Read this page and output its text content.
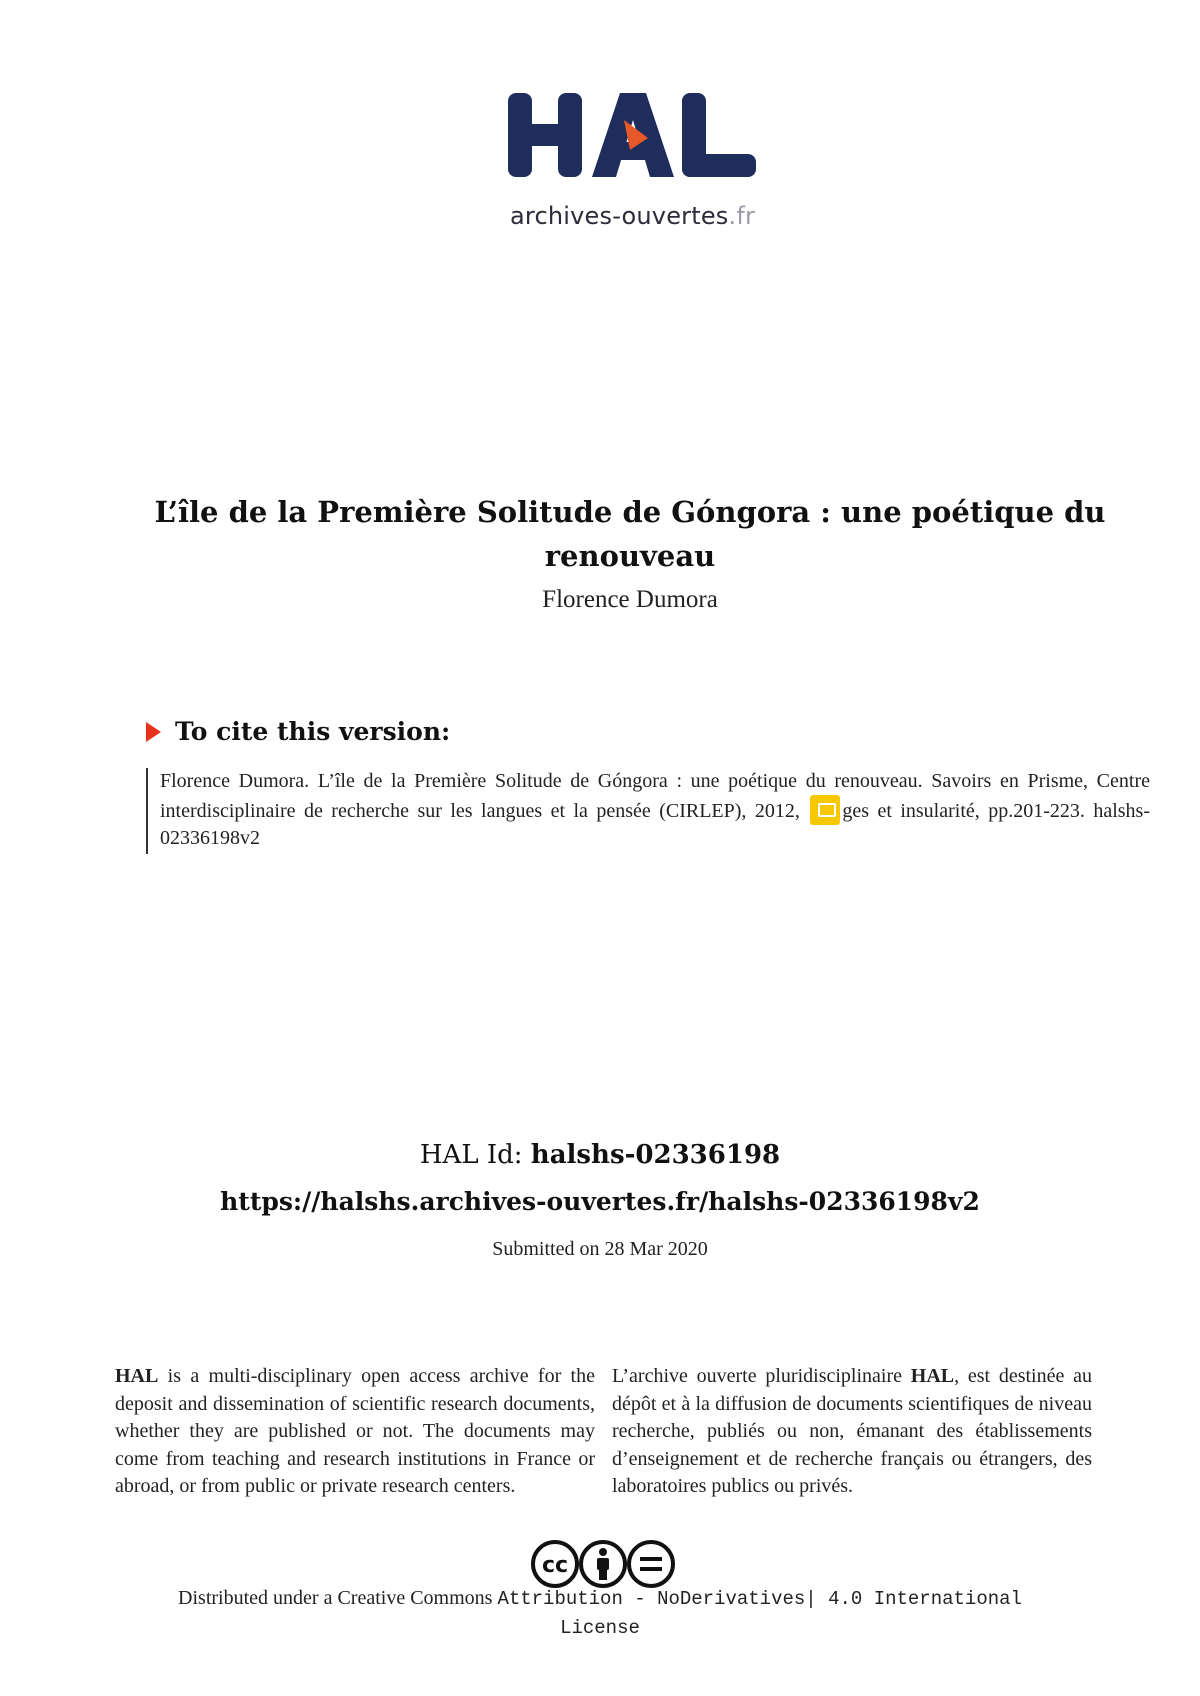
archives-ouvertes.fr
L’île de la Première Solitude de Góngora : une poétique du renouveau
Florence Dumora
To cite this version:
Florence Dumora. L’île de la Première Solitude de Góngora : une poétique du renouveau. Savoirs en Prisme, Centre interdisciplinaire de recherche sur les langues et la pensée (CIRLEP), 2012, ges et insularité, pp.201-223. halshs-02336198v2
HAL Id: halshs-02336198
https://halshs.archives-ouvertes.fr/halshs-02336198v2
Submitted on 28 Mar 2020
HAL is a multi-disciplinary open access archive for the deposit and dissemination of scientific research documents, whether they are published or not. The documents may come from teaching and research institutions in France or abroad, or from public or private research centers.
L’archive ouverte pluridisciplinaire HAL, est destinée au dépôt et à la diffusion de documents scientifiques de niveau recherche, publiés ou non, émanant des établissements d’enseignement et de recherche français ou étrangers, des laboratoires publics ou privés.
cc
Distributed under a Creative Commons Attribution - NoDerivatives| 4.0 International
License
